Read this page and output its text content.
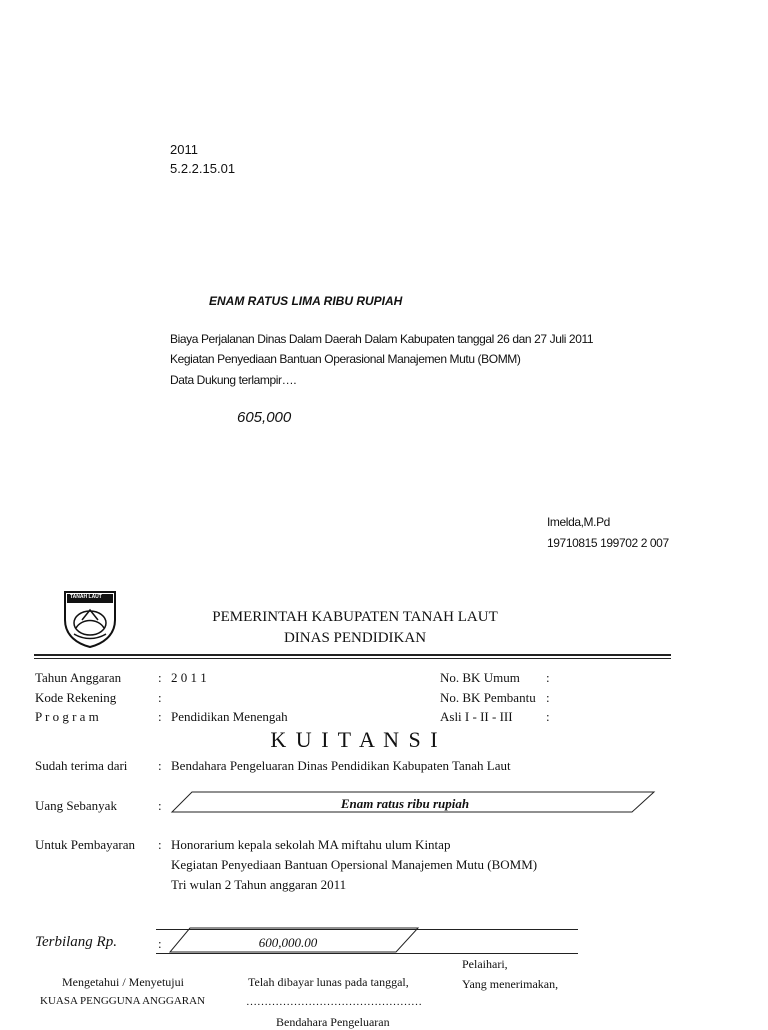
2011
5.2.2.15.01
ENAM RATUS LIMA RIBU RUPIAH
Biaya Perjalanan Dinas Dalam Daerah Dalam Kabupaten tanggal 26 dan 27 Juli 2011
Kegiatan Penyediaan Bantuan Operasional Manajemen Mutu (BOMM)
Data Dukung terlampir….
605,000
Imelda,M.Pd
19710815 199702 2 007
TANAH LAUT
PEMERINTAH KABUPATEN TANAH LAUT
DINAS PENDIDIKAN
Tahun Anggaran	: 2 0 1 1
Kode Rekening	:
P r o g r a m	: Pendidikan Menengah
No. BK Umum :
No. BK Pembantu :
Asli I - II - III	:
K U I T A N S I
Sudah terima dari : Bendahara Pengeluaran Dinas Pendidikan Kabupaten Tanah Laut
Uang Sebanyak	:	Enam ratus ribu rupiah
Untuk Pembayaran : Honorarium kepala sekolah MA miftahu ulum Kintap
Kegiatan Penyediaan Bantuan Opersional Manajemen Mutu (BOMM)
Tri wulan 2 Tahun anggaran 2011
Terbilang Rp.	:	600,000.00
Pelaihari,
Mengetahui / Menyetujui	Telah dibayar lunas pada tanggal,	Yang menerimakan,
KUASA PENGGUNA ANGGARAN	…………………………………………
Bendahara Pengeluaran
